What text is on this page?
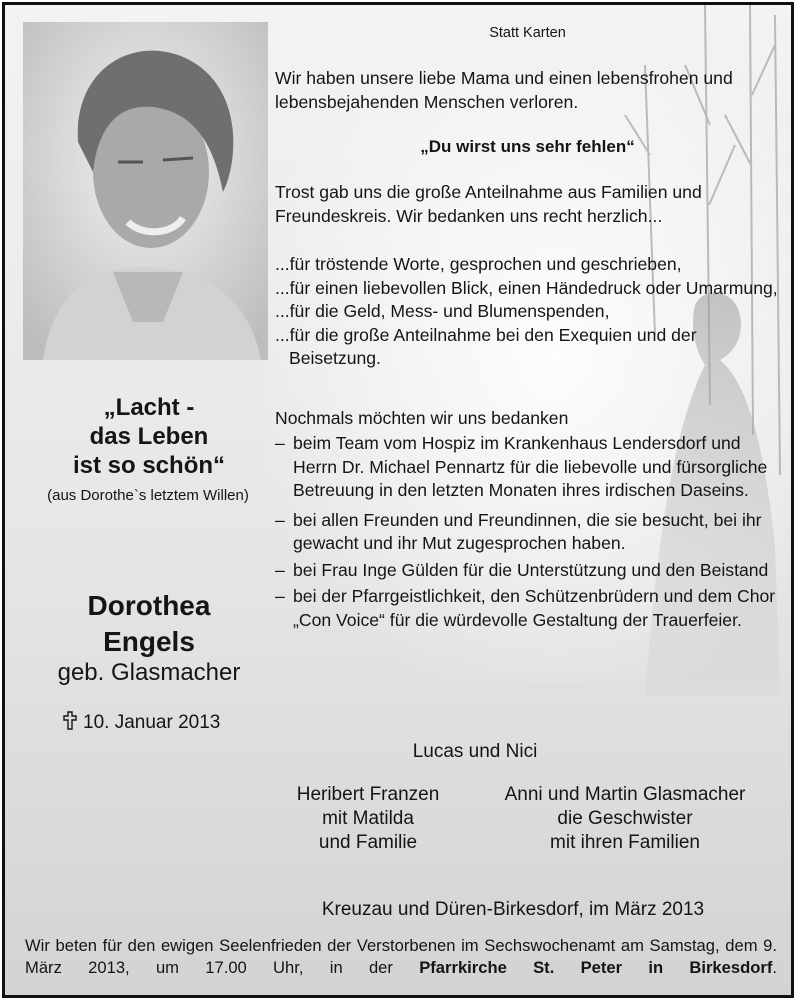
„Lacht -
das Leben
ist so schön“
(aus Dorothe`s letztem Willen)
Dorothea
Engels
geb. Glasmacher
10. Januar 2013
Statt Karten
Wir haben unsere liebe Mama und einen lebensfrohen und lebensbejahenden Menschen verloren.
„Du wirst uns sehr fehlen“
Trost gab uns die große Anteilnahme aus Familien und Freundeskreis. Wir bedanken uns recht herzlich...
...für tröstende Worte, gesprochen und geschrieben,
...für einen liebevollen Blick, einen Händedruck oder Umarmung,
...für die Geld, Mess- und Blumenspenden,
...für die große Anteilnahme bei den Exequien und der Beisetzung.
Nochmals möchten wir uns bedanken
– beim Team vom Hospiz im Krankenhaus Lendersdorf und Herrn Dr. Michael Pennartz für die liebevolle und fürsorgliche Betreuung in den letzten Monaten ihres irdischen Daseins.
– bei allen Freunden und Freundinnen, die sie besucht, bei ihr gewacht und ihr Mut zugesprochen haben.
– bei Frau Inge Gülden für die Unterstützung und den Beistand
– bei der Pfarrgeistlichkeit, den Schützenbrüdern und dem Chor „Con Voice“ für die würdevolle Gestaltung der Trauerfeier.
Lucas und Nici
Heribert Franzen
mit Matilda
und Familie
Anni und Martin Glasmacher
die Geschwister
mit ihren Familien
Kreuzau und Düren-Birkesdorf, im März 2013
Wir beten für den ewigen Seelenfrieden der Verstorbenen im Sechswochenamt am Samstag, dem 9. März 2013, um 17.00 Uhr, in der Pfarrkirche St. Peter in Birkesdorf.
